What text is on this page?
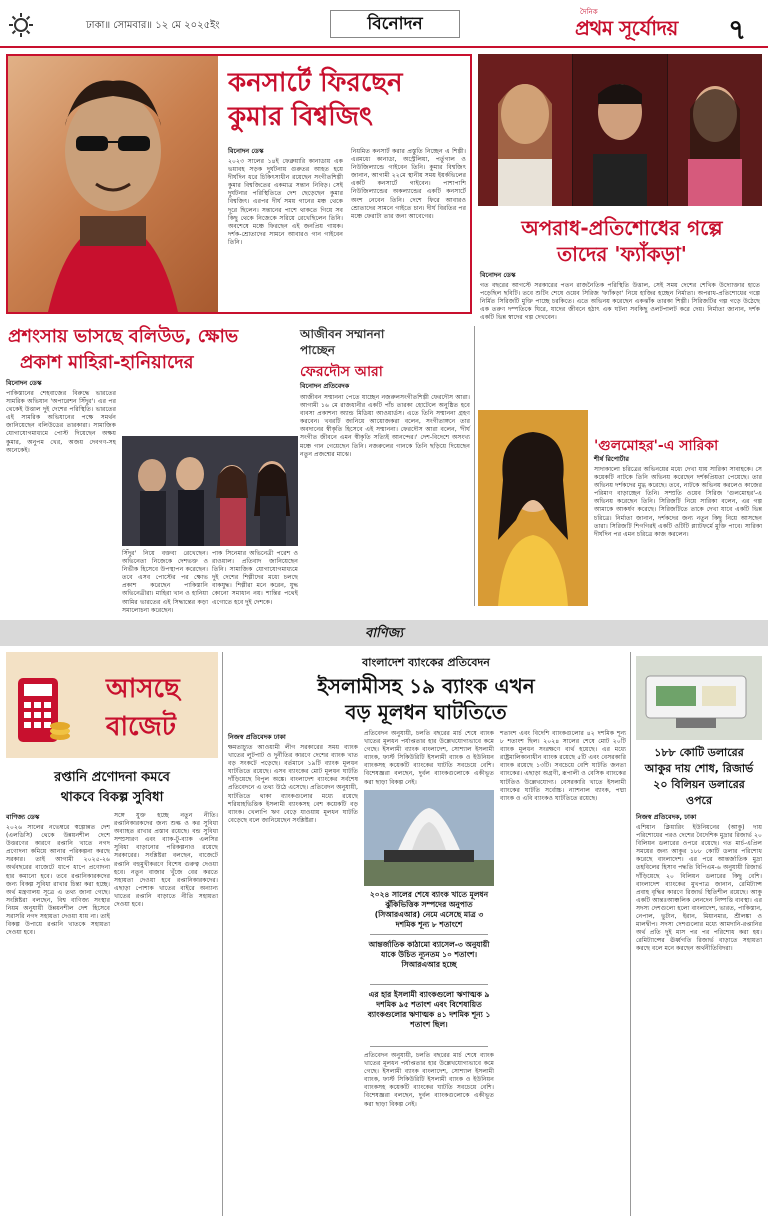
ঢাকা॥ সোমবার॥ ১২ মে ২০২৫ইং	বিনোদন
দৈনিক
প্রথম সূর্যোদয় ৭
কনসার্টে ফিরছেন কুমার বিশ্বজিৎ
বিনোদন ডেস্ক
২০২৩ সালের ১৪ই ফেব্রুয়ারি কানাডায় এক ভয়াবহ সড়ক দুর্ঘটনায় গুরুতর আহত হয়ে দীর্ঘদিন ধরে চিকিৎসাধীন রয়েছেন সংগীতশিল্পী কুমার বিশ্বজিতের একমাত্র সন্তান নিবিড়। সেই দুর্ঘটনার পরিস্থিতিতে দেশ ছেড়েছেন কুমার বিশ্বজিৎ। এরপর দীর্ঘ সময় গানের মঞ্চ থেকে দূরে ছিলেন। সন্তানের পাশে থাকতে গিয়ে সব কিছু থেকে নিজেকে সরিয়ে রেখেছিলেন তিনি। অবশেষে মঞ্চে ফিরছেন এই জনপ্রিয় গায়ক। দর্শক-শ্রোতাদের সামনে আবারও গান গাইবেন তিনি।
নিয়মিত কনসার্ট করার প্রস্তুতি নিচ্ছেন এ শিল্পী। এরমধ্যে কানাডা, অস্ট্রেলিয়া, পর্তুগাল ও নিউজিল্যান্ডে গাইবেন তিনি। কুমার বিশ্বজিৎ জানান, আগামী ২২মে স্থানীয় সময় ইয়র্কভিলের একটি কনসার্টে গাইবেন। পাশাপাশি নিউজিল্যান্ডের অকল্যান্ডের একটি কনসার্টে অংশ নেবেন তিনি। দেশে ফিরে আবারও শ্রোতাদের সামনে গাইতে চান। দীর্ঘ বিরতির পর মঞ্চে ফেরাটা তার জন্য আবেগের।	অপরাধ-প্রতিশোধের গল্পে
তাদের 'ফ্যাঁকড়া'
বিনোদন ডেস্ক
গত বছরের আগস্টে সরকারের পতন রাজনৈতিক পরিস্থিতি উত্তাল, সেই সময় দেশের শেখিক উদ্যোক্তার হাতে পড়েছিল ছবিটি। তবে শুটিং শেষে ওয়েব সিরিজ 'ফ্যাঁকড়া' নিয়ে হাজির হচ্ছেন নির্মাতা। অপরাধ-প্রতিশোধের গল্পে নির্মিত সিরিজটি মুক্তি পাচ্ছে চরকিতে। এতে অভিনয় করেছেন একঝাঁক তারকা শিল্পী। সিরিজটির গল্প গড়ে উঠেছে এক তরুণ দম্পতিকে ঘিরে, যাদের জীবনে হঠাৎ এক ঘটনা সবকিছু ওলটপালট করে দেয়। নির্মাতা জানান, দর্শক একটি ভিন্ন স্বাদের গল্প দেখবেন।
প্রশংসায় ভাসছে বলিউড, ক্ষোভ
প্রকাশ মাহিরা-হানিয়াদের
আজীবন সম্মাননা
পাচ্ছেন
ফেরদৌস আরা
বিনোদন প্রতিবেদক
আজীবন সম্মাননা পেতে যাচ্ছেন নজরুলসংগীতশিল্পী ফেরদৌস আরা। আগামী ১৬ মে রাজধানীর একটি পাঁচ তারকা হোটেলে অনুষ্ঠিত হবে ব্যবসা প্রকাশনা অ্যান্ড মিডিয়া আওয়ার্ডস। এতে তিনি সম্মাননা গ্রহণ করবেন। খবরটি জানিয়ে আয়োজকরা বলেন, সংগীতাঙ্গনে তার অবদানের স্বীকৃতি হিসেবে এই সম্মাননা। ফেরদৌস আরা বলেন, 'দীর্ঘ সংগীত জীবনে এমন স্বীকৃতি সত্যিই আনন্দের।' দেশ-বিদেশে অসংখ্য মঞ্চে গান গেয়েছেন তিনি। নজরুলের গানকে তিনি ছড়িয়ে দিয়েছেন নতুন প্রজন্মের মাঝে।
'গুলমোহর'-এ সারিকা
শীর্ষ রিপোর্টার
সাদাকালো চরিত্রের অভিনয়ের মধ্যে দেখা যায় সারিকা সাবাহকে। সে কয়েকটি নাটকে তিনি অভিনয় করেছেন দর্শকপ্রিয়তা পেয়েছে। তার অভিনয় দর্শকদের মুগ্ধ করেছে। তবে, নাটকে অভিনয় করলেও কাজের পরিমাণ বাড়াচ্ছেন তিনি। সম্প্রতি ওয়েব সিরিজ 'গুলমোহর'-এ অভিনয় করেছেন তিনি। সিরিজটি নিয়ে সারিকা বলেন, এর গল্প আমাকে আকর্ষণ করেছে। সিরিজটিতে তাকে দেখা যাবে একটি ভিন্ন চরিত্রে। নির্মাতা জানান, দর্শকদের জন্য নতুন কিছু নিয়ে আসছেন তারা। সিরিজটি শিগগিরই একটি ওটিটি প্ল্যাটফর্মে মুক্তি পাবে। সারিকা দীর্ঘদিন পর এমন চরিত্রে কাজ করলেন।
বিনোদন ডেস্ক
পাকিস্তানের শেহবাজের বিরুদ্ধে ভারতের সামরিক অভিযান 'অপারেশন সিঁদুর'। এর পর থেকেই উত্তাল দুই দেশের পরিস্থিতি। ভারতের এই সামরিক অভিযানের পক্ষে সমর্থন জানিয়েছেন বলিউডের তারকারা। সামাজিক যোগাযোগমাধ্যমে পোস্ট দিয়েছেন অক্ষয় কুমার, অনুপম খের, অজয় দেবগণ-সহ অনেকেই।
সিঁদুর' নিয়ে বক্তব্য রেখেছেন। অভিনেতা নিজেকে দেশভক্ত ও নির্ভীক হিসেবে উপস্থাপন করেছেন। তবে এসব পোস্টের পর ক্ষোভ প্রকাশ করেছেন পাকিস্তানি অভিনেত্রীরা। মাহিরা খান ও হানিয়া আমির ভারতের এই সিদ্ধান্তের কড়া সমালোচনা করেছেন।
পাক সিনেমার অভিনেত্রী পরেশ ও রাওয়াল। প্রতিবাদ জানিয়েছেন তিনি। সামাজিক যোগাযোগমাধ্যমে দুই দেশের শিল্পীদের মধ্যে চলছে বাকযুদ্ধ। শিল্পীরা মনে করেন, যুদ্ধ কোনো সমাধান নয়। শান্তির পথেই এগোতে হবে দুই দেশকে।
বাণিজ্য
আসছে
বাজেট
রপ্তানি প্রণোদনা কমবে
থাকবে বিকল্প সুবিধা
বাণিজ্য ডেস্ক
২০২৬ সালের নভেম্বরে স্বল্পোন্নত দেশ (এলডিসি) থেকে উন্নয়নশীল দেশে উত্তরণের কারণে রপ্তানি খাতে নগদ প্রণোদনা কমিয়ে আনার পরিকল্পনা করছে সরকার। তাই আগামী ২০২৫-২৬ অর্থবছরের বাজেটে ধাপে ধাপে প্রণোদনা হার কমানো হবে। তবে রপ্তানিকারকদের জন্য বিকল্প সুবিধা রাখার চিন্তা করা হচ্ছে। অর্থ মন্ত্রণালয় সূত্রে এ তথ্য জানা গেছে। সংশ্লিষ্টরা বলছেন, বিশ্ব বাণিজ্য সংস্থার নিয়ম অনুযায়ী উন্নয়নশীল দেশ হিসেবে সরাসরি নগদ সহায়তা দেওয়া যায় না। তাই বিকল্প উপায়ে রপ্তানি খাতকে সহায়তা দেওয়া হবে।
সঙ্গে যুক্ত হচ্ছে নতুন নীতি। রপ্তানিকারকদের জন্য শুল্ক ও কর সুবিধা অব্যাহত রাখার প্রস্তাব রয়েছে। বন্ড সুবিধা সম্প্রসারণ এবং ব্যাক-টু-ব্যাক এলসির সুবিধা বাড়ানোর পরিকল্পনাও রয়েছে সরকারের। সংশ্লিষ্টরা বলছেন, বাজেটে রপ্তানি বহুমুখীকরণে বিশেষ গুরুত্ব দেওয়া হবে। নতুন বাজার খুঁজে বের করতে সহায়তা দেওয়া হবে রপ্তানিকারকদের। এছাড়া পোশাক খাতের বাইরে অন্যান্য খাতের রপ্তানি বাড়াতে নীতি সহায়তা দেওয়া হবে।
বাংলাদেশ ব্যাংকের প্রতিবেদন
ইসলামীসহ ১৯ ব্যাংক এখন
বড় মূলধন ঘাটতিতে
নিজস্ব প্রতিবেদক ঢাকা
ক্ষমতাচ্যুত আওয়ামী লীগ সরকারের সময় ব্যাংক খাতের লুটপাট ও দুর্নীতির কারণে দেশের ব্যাংক খাত বড় সংকটে পড়েছে। বর্তমানে ১৯টি ব্যাংক মূলধন ঘাটতিতে রয়েছে। এসব ব্যাংকের মোট মূলধন ঘাটতি দাঁড়িয়েছে বিপুল অঙ্কে। বাংলাদেশ ব্যাংকের সর্বশেষ প্রতিবেদনে এ তথ্য উঠে এসেছে। প্রতিবেদন অনুযায়ী, ঘাটতিতে থাকা ব্যাংকগুলোর মধ্যে রয়েছে শরিয়াহভিত্তিক ইসলামী ব্যাংকসহ বেশ কয়েকটি বড় ব্যাংক। খেলাপি ঋণ বেড়ে যাওয়ায় মূলধন ঘাটতি বেড়েছে বলে জানিয়েছেন সংশ্লিষ্টরা।
প্রতিবেদন অনুযায়ী, চলতি বছরের মার্চ শেষে ব্যাংক খাতের মূলধন পর্যাপ্ততার হার উল্লেখযোগ্যভাবে কমে গেছে। ইসলামী ব্যাংক বাংলাদেশ, সোশ্যাল ইসলামী ব্যাংক, ফার্স্ট সিকিউরিটি ইসলামী ব্যাংক ও ইউনিয়ন ব্যাংকসহ কয়েকটি ব্যাংকের ঘাটতি সবচেয়ে বেশি। বিশেষজ্ঞরা বলছেন, দুর্বল ব্যাংকগুলোকে একীভূত করা ছাড়া বিকল্প নেই।
২০২৪ সালের শেষে ব্যাংক খাতে মূলধন ঝুঁকিভিত্তিক সম্পদের অনুপাত (সিআরএআর) নেমে এসেছে মাত্র ৩ দশমিক শূন্য ৮ শতাংশে
আন্তর্জাতিক কাঠামো ব্যাসেল-৩ অনুযায়ী যাকে উচিত ন্যূনতম ১০ শতাংশ। সিআরএআর হচ্ছে
এর হার ইসলামী ব্যাংকগুলো ঋণাত্মক ৯ দশমিক ৯৫ শতাংশ এবং বিশেষায়িত ব্যাংকগুলোর ঋণাত্মক ৪১ দশমিক শূন্য ১ শতাংশ ছিল।
প্রতিবেদন অনুযায়ী, চলতি বছরের মার্চ শেষে ব্যাংক খাতের মূলধন পর্যাপ্ততার হার উল্লেখযোগ্যভাবে কমে গেছে। ইসলামী ব্যাংক বাংলাদেশ, সোশ্যাল ইসলামী ব্যাংক, ফার্স্ট সিকিউরিটি ইসলামী ব্যাংক ও ইউনিয়ন ব্যাংকসহ কয়েকটি ব্যাংকের ঘাটতি সবচেয়ে বেশি। বিশেষজ্ঞরা বলছেন, দুর্বল ব্যাংকগুলোকে একীভূত করা ছাড়া বিকল্প নেই।
শতাংশ এবং বিদেশি ব্যাংকগুলোর ৪২ দশমিক শূন্য ৮ শতাংশ ছিল। ২০২৪ সালের শেষে মোট ২০টি ব্যাংক মূলধন সংরক্ষণে ব্যর্থ হয়েছে। এর মধ্যে রাষ্ট্রমালিকানাধীন ব্যাংক রয়েছে ৫টি এবং বেসরকারি ব্যাংক রয়েছে ১৩টি। সবচেয়ে বেশি ঘাটতি জনতা ব্যাংকের। এছাড়া অগ্রণী, রূপালী ও বেসিক ব্যাংকের ঘাটতিও উল্লেখযোগ্য। বেসরকারি খাতে ইসলামী ব্যাংকের ঘাটতি সর্বোচ্চ। ন্যাশনাল ব্যাংক, পদ্মা ব্যাংক ও এবি ব্যাংকও ঘাটতিতে রয়েছে।
১৮৮ কোটি ডলারের
আকুর দায় শোধ, রিজার্ভ
২০ বিলিয়ন ডলারের
ওপরে
নিজস্ব প্রতিবেদক, ঢাকা
এশিয়ান ক্লিয়ারিং ইউনিয়নের (আকু) দায় পরিশোধের পরও দেশের বৈদেশিক মুদ্রার রিজার্ভ ২০ বিলিয়ন ডলারের ওপরে রয়েছে। গত মার্চ-এপ্রিল সময়ের জন্য আকুর ১৮৮ কোটি ডলার পরিশোধ করেছে বাংলাদেশ। এর পরে আন্তর্জাতিক মুদ্রা তহবিলের হিসাব পদ্ধতি বিপিএম-৬ অনুযায়ী রিজার্ভ দাঁড়িয়েছে ২০ বিলিয়ন ডলারের কিছু বেশি। বাংলাদেশ ব্যাংকের মুখপাত্র জানান, রেমিট্যান্স প্রবাহ বৃদ্ধির কারণে রিজার্ভ স্থিতিশীল রয়েছে। আকু একটি আন্তঃআঞ্চলিক লেনদেন নিষ্পত্তি ব্যবস্থা। এর সদস্য দেশগুলো হলো বাংলাদেশ, ভারত, পাকিস্তান, নেপাল, ভুটান, ইরান, মিয়ানমার, শ্রীলঙ্কা ও মালদ্বীপ। সদস্য দেশগুলোর মধ্যে আমদানি-রপ্তানির অর্থ প্রতি দুই মাস পর পর পরিশোধ করা হয়। রেমিট্যান্সের ঊর্ধ্বগতি রিজার্ভ বাড়াতে সহায়তা করছে বলে মনে করছেন অর্থনীতিবিদরা।
